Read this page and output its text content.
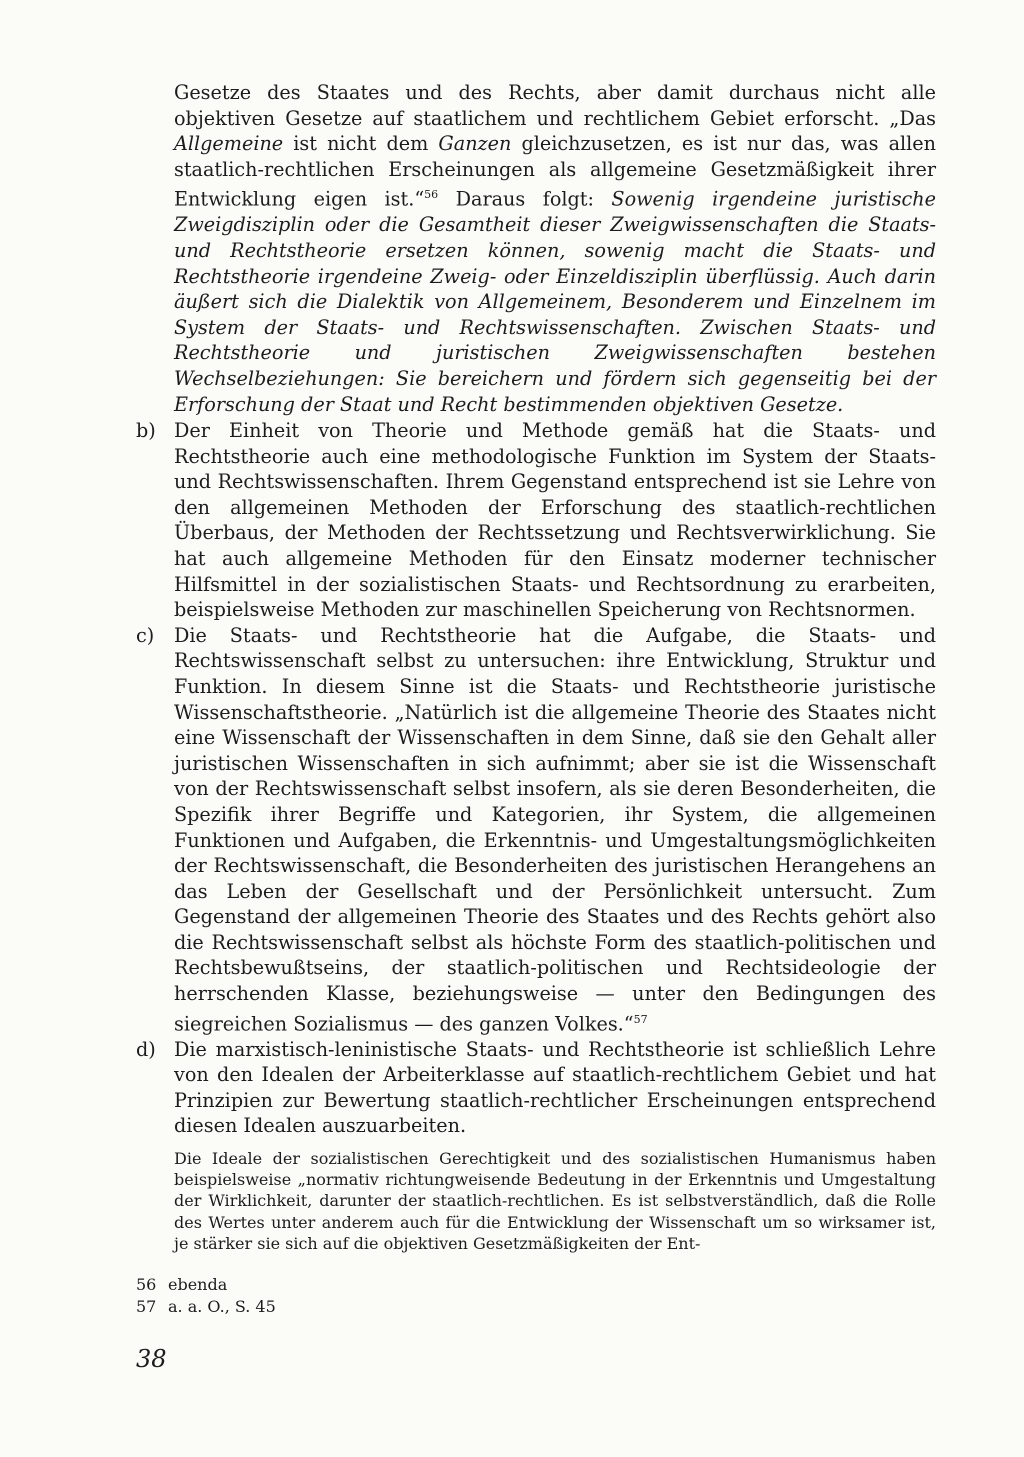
Gesetze des Staates und des Rechts, aber damit durchaus nicht alle objektiven Gesetze auf staatlichem und rechtlichem Gebiet erforscht. „Das Allgemeine ist nicht dem Ganzen gleichzusetzen, es ist nur das, was allen staatlich-rechtlichen Erscheinungen als allgemeine Gesetzmäßigkeit ihrer Entwicklung eigen ist.“$^{56}$ Daraus folgt: Sowenig irgendeine juristische Zweigdisziplin oder die Gesamtheit dieser Zweigwissenschaften die Staats- und Rechtstheorie ersetzen können, sowenig macht die Staats- und Rechtstheorie irgendeine Zweig- oder Einzeldisziplin überflüssig. Auch darin äußert sich die Dialektik von Allgemeinem, Besonderem und Einzelnem im System der Staats- und Rechtswissenschaften. Zwischen Staats- und Rechtstheorie und juristischen Zweigwissenschaften bestehen Wechselbeziehungen: Sie bereichern und fördern sich gegenseitig bei der Erforschung der Staat und Recht bestimmenden objektiven Gesetze.

b) Der Einheit von Theorie und Methode gemäß hat die Staats- und Rechtstheorie auch eine methodologische Funktion im System der Staats- und Rechtswissenschaften. Ihrem Gegenstand entsprechend ist sie Lehre von den allgemeinen Methoden der Erforschung des staatlich-rechtlichen Überbaus, der Methoden der Rechtssetzung und Rechtsverwirklichung. Sie hat auch allgemeine Methoden für den Einsatz moderner technischer Hilfsmittel in der sozialistischen Staats- und Rechtsordnung zu erarbeiten, beispielsweise Methoden zur maschinellen Speicherung von Rechtsnormen.
c)	Die Staats- und Rechtstheorie hat die Aufgabe, die Staats- und Rechtswissenschaft selbst zu untersuchen: ihre Entwicklung, Struktur und Funktion. In diesem Sinne ist die Staats- und Rechtstheorie juristische Wissenschaftstheorie. „Natürlich ist die allgemeine Theorie des Staates nicht eine Wissenschaft der Wissenschaften in dem Sinne, daß sie den Gehalt aller juristischen Wissenschaften in sich aufnimmt; aber sie ist die Wissenschaft von der Rechtswissenschaft selbst insofern, als sie deren Besonderheiten, die Spezifik ihrer Begriffe und Kategorien, ihr System, die allgemeinen Funktionen und Aufgaben, die Erkenntnis- und Umgestaltungsmöglichkeiten der Rechtswissenschaft, die Besonderheiten des juristischen Herangehens an das Leben der Gesellschaft und der Persönlichkeit untersucht. Zum Gegenstand der allgemeinen Theorie des Staates und des Rechts gehört also die Rechtswissenschaft selbst als höchste Form des staatlich-politischen und Rechtsbewußtseins, der staatlich-politischen und Rechtsideologie der herrschenden Klasse, beziehungsweise — unter den Bedingungen des siegreichen Sozialismus — des ganzen Volkes.“$^{57}$
d) Die marxistisch-leninistische Staats- und Rechtstheorie ist schließlich Lehre von den Idealen der Arbeiterklasse auf staatlich-rechtlichem Gebiet und hat Prinzipien zur Bewertung staatlich-rechtlicher Erscheinungen entsprechend diesen Idealen auszuarbeiten.

Die Ideale der sozialistischen Gerechtigkeit und des sozialistischen Humanismus haben beispielsweise „normativ richtungweisende Bedeutung in der Erkenntnis und Umgestaltung der Wirklichkeit, darunter der staatlich-rechtlichen. Es ist selbstverständlich, daß die Rolle des Wertes unter anderem auch für die Entwicklung der Wissenschaft um so wirksamer ist, je stärker sie sich auf die objektiven Gesetzmäßigkeiten der Ent-

56 ebenda
57 a. a. O., S. 45
38
